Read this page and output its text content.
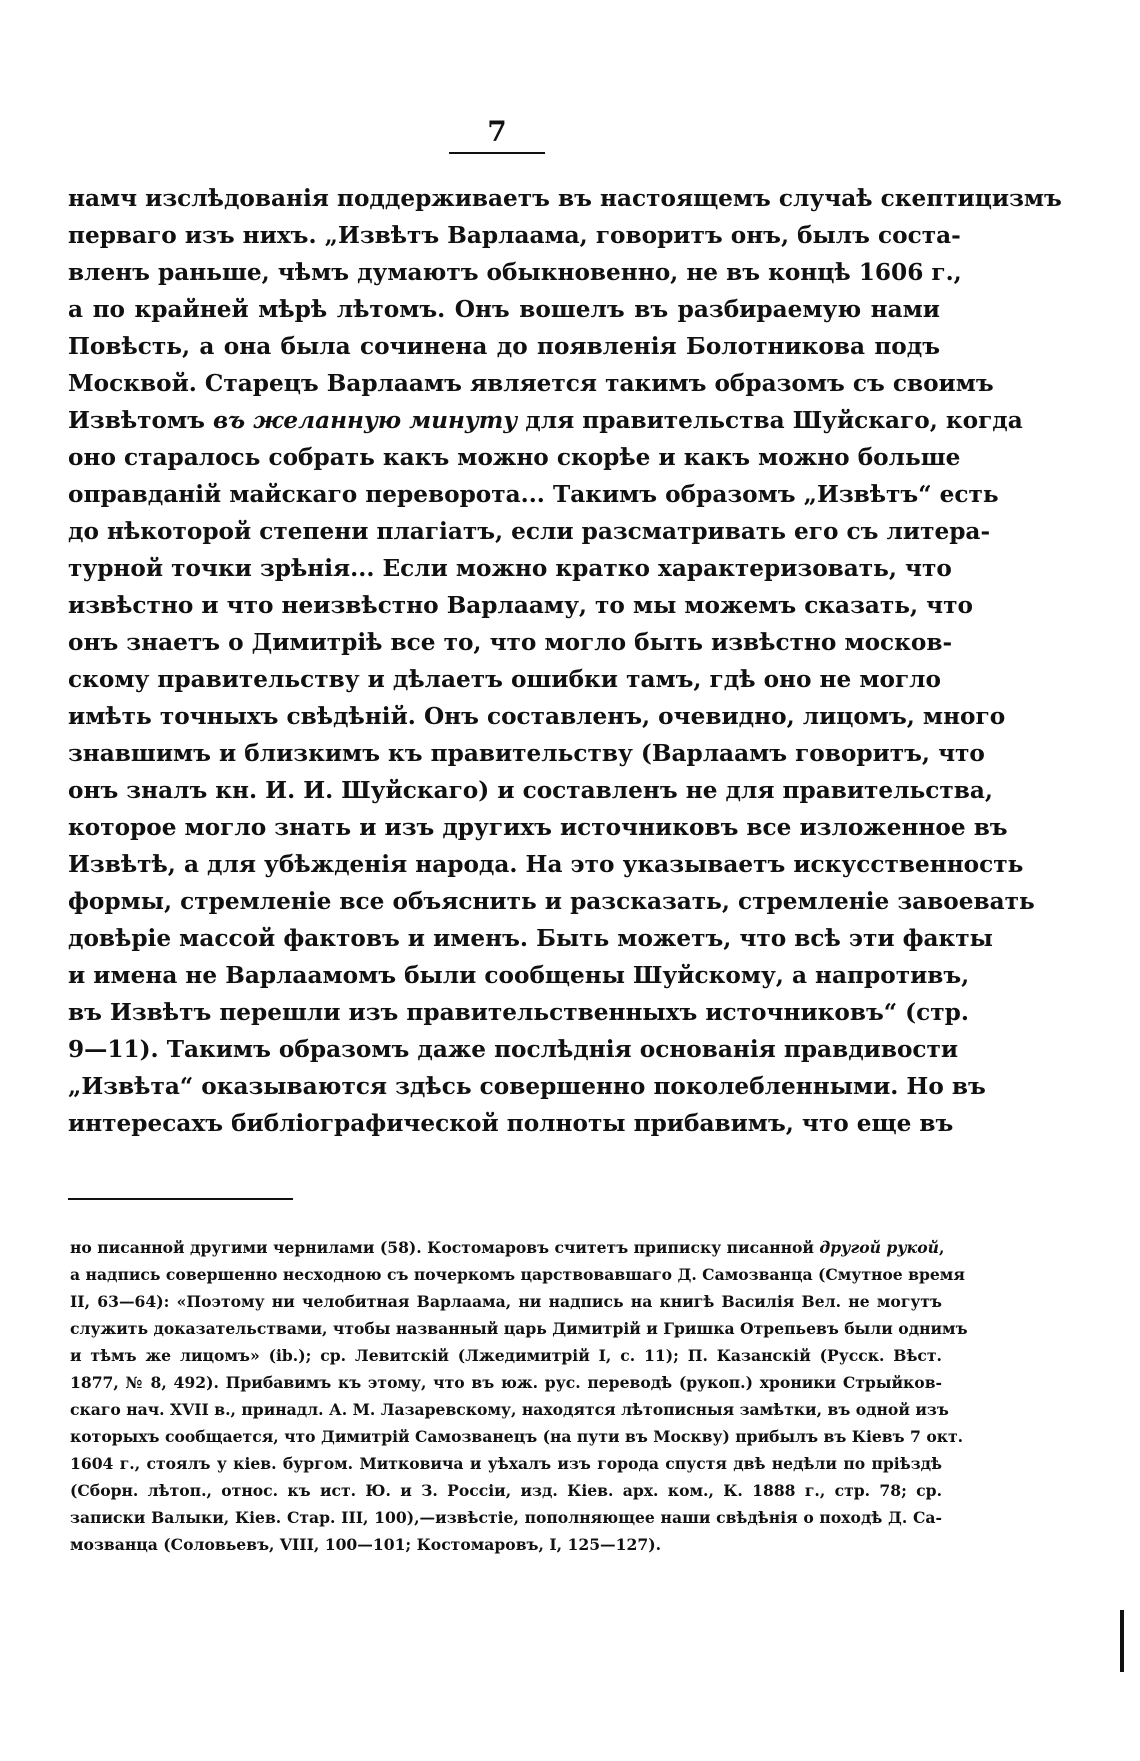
7
намч изслѣдованія поддерживаетъ въ настоящемъ случаѣ скептицизмъ
перваго изъ нихъ. „Извѣтъ Варлаама, говоритъ онъ, былъ соста-
вленъ раньше, чѣмъ думаютъ обыкновенно, не въ концѣ 1606 г.,
а по крайней мѣрѣ лѣтомъ. Онъ вошелъ въ разбираемую нами
Повѣсть, а она была сочинена до появленія Болотникова подъ
Москвой. Старецъ Варлаамъ является такимъ образомъ съ своимъ
Извѣтомъ въ желанную минуту для правительства Шуйскаго, когда
оно старалось собрать какъ можно скорѣе и какъ можно больше
оправданій майскаго переворота... Такимъ образомъ „Извѣтъ“ есть
до нѣкоторой степени плагіатъ, если разсматривать его съ литера-
турной точки зрѣнія... Если можно кратко характеризовать, что
извѣстно и что неизвѣстно Варлааму, то мы можемъ сказать, что
онъ знаетъ о Димитріѣ все то, что могло быть извѣстно москов-
скому правительству и дѣлаетъ ошибки тамъ, гдѣ оно не могло
имѣть точныхъ свѣдѣній. Онъ составленъ, очевидно, лицомъ, много
знавшимъ и близкимъ къ правительству (Варлаамъ говоритъ, что
онъ зналъ кн. И. И. Шуйскаго) и составленъ не для правительства,
которое могло знать и изъ другихъ источниковъ все изложенное въ
Извѣтѣ, а для убѣжденія народа. На это указываетъ искусственность
формы, стремленіе все объяснить и разсказать, стремленіе завоевать
довѣріе массой фактовъ и именъ. Быть можетъ, что всѣ эти факты
и имена не Варлаамомъ были сообщены Шуйскому, а напротивъ,
въ Извѣтъ перешли изъ правительственныхъ источниковъ“ (стр.
9—11). Такимъ образомъ даже послѣднія основанія правдивости
„Извѣта“ оказываются здѣсь совершенно поколебленными. Но въ
интересахъ библіографической полноты прибавимъ, что еще въ
но писанной другими чернилами (58). Костомаровъ считетъ приписку писанной другой рукой,
а надпись совершенно несходною съ почеркомъ царствовавшаго Д. Самозванца (Смутное время
II, 63—64): «Поэтому ни челобитная Варлаама, ни надпись на книгѣ Василія Вел. не могутъ
служить доказательствами, чтобы названный царь Димитрій и Гришка Отрепьевъ были однимъ
и тѣмъ же лицомъ» (ib.); ср. Левитскій (Лжедимитрій I, с. 11); П. Казанскій (Русск. Вѣст.
1877, № 8, 492). Прибавимъ къ этому, что въ юж. рус. переводѣ (рукоп.) хроники Стрыйков-
скаго нач. XVII в., принадл. А. М. Лазаревскому, находятся лѣтописныя замѣтки, въ одной изъ
которыхъ сообщается, что Димитрій Самозванецъ (на пути въ Москву) прибылъ въ Кіевъ 7 окт.
1604 г., стоялъ у кіев. бургом. Митковича и уѣхалъ изъ города спустя двѣ недѣли по пріѣздѣ
(Сборн. лѣтоп., относ. къ ист. Ю. и З. Россіи, изд. Кіев. арх. ком., К. 1888 г., стр. 78; ср.
записки Валыки, Кіев. Стар. III, 100),—извѣстіе, пополняющее наши свѣдѣнія о походѣ Д. Са-
мозванца (Соловьевъ, VIII, 100—101; Костомаровъ, I, 125—127).
